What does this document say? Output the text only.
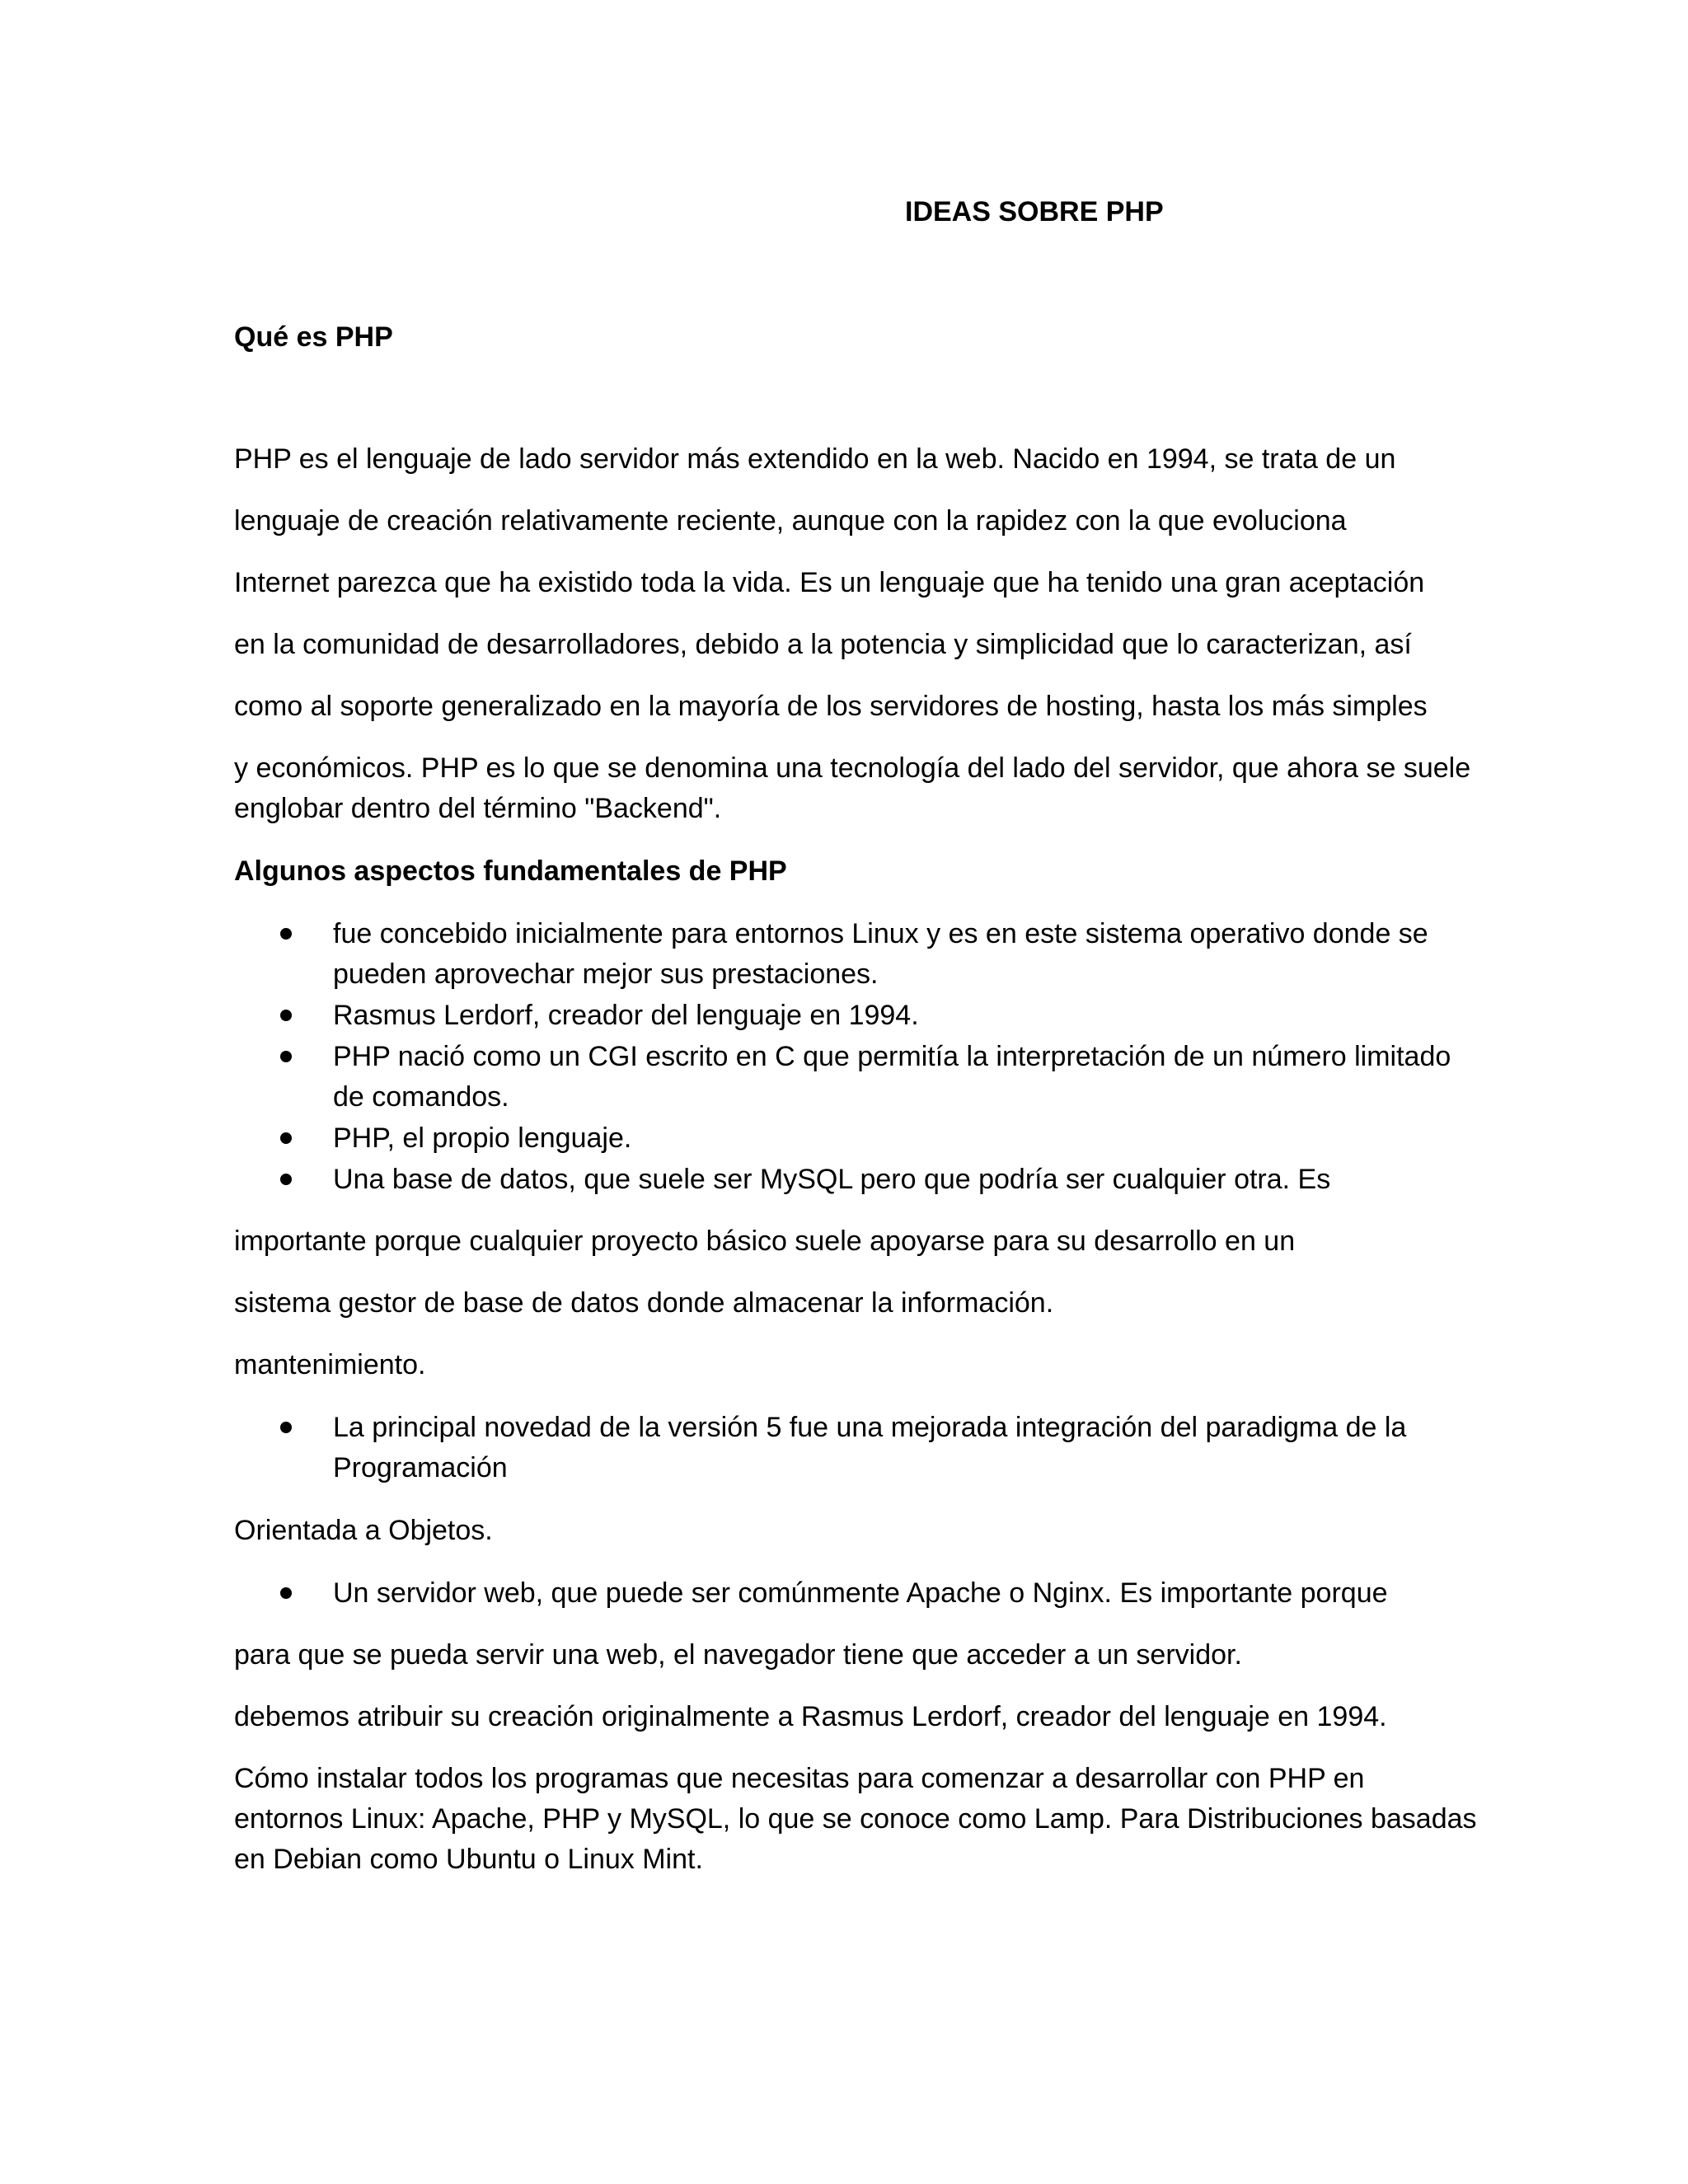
IDEAS SOBRE PHP
Qué es PHP
PHP es el lenguaje de lado servidor más extendido en la web. Nacido en 1994, se trata de un
lenguaje de creación relativamente reciente, aunque con la rapidez con la que evoluciona
Internet parezca que ha existido toda la vida. Es un lenguaje que ha tenido una gran aceptación
en la comunidad de desarrolladores, debido a la potencia y simplicidad que lo caracterizan, así
como al soporte generalizado en la mayoría de los servidores de hosting, hasta los más simples
y económicos. PHP es lo que se denomina una tecnología del lado del servidor, que ahora se suele
englobar dentro del término "Backend".
Algunos aspectos fundamentales de PHP
fue concebido inicialmente para entornos Linux y es en este sistema operativo donde se
pueden aprovechar mejor sus prestaciones.
Rasmus Lerdorf, creador del lenguaje en 1994.
PHP nació como un CGI escrito en C que permitía la interpretación de un número limitado
de comandos.
PHP, el propio lenguaje.
Una base de datos, que suele ser MySQL pero que podría ser cualquier otra. Es
importante porque cualquier proyecto básico suele apoyarse para su desarrollo en un
sistema gestor de base de datos donde almacenar la información.
mantenimiento.
La principal novedad de la versión 5 fue una mejorada integración del paradigma de la
Programación
Orientada a Objetos.
Un servidor web, que puede ser comúnmente Apache o Nginx. Es importante porque
para que se pueda servir una web, el navegador tiene que acceder a un servidor.
debemos atribuir su creación originalmente a Rasmus Lerdorf, creador del lenguaje en 1994.
Cómo instalar todos los programas que necesitas para comenzar a desarrollar con PHP en
entornos Linux: Apache, PHP y MySQL, lo que se conoce como Lamp. Para Distribuciones basadas
en Debian como Ubuntu o Linux Mint.
